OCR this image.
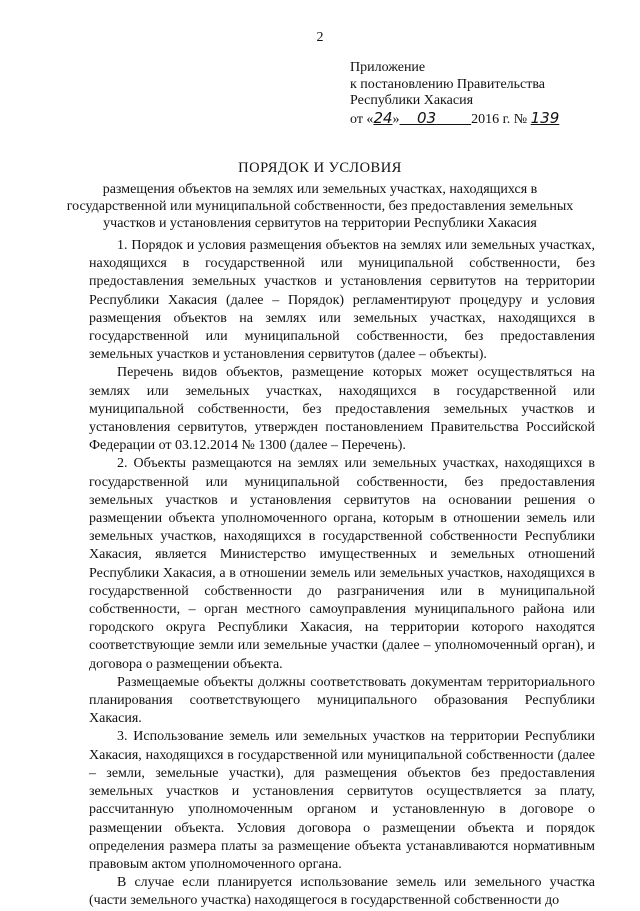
2
Приложение
к постановлению Правительства
Республики Хакасия
от «24» 03	2016 г. № 139
ПОРЯДОК И УСЛОВИЯ
размещения объектов на землях или земельных участках, находящихся в государственной или муниципальной собственности, без предоставления земельных участков и установления сервитутов на территории Республики Хакасия

1. Порядок и условия размещения объектов на землях или земельных участках, находящихся в государственной или муниципальной собственности, без предоставления земельных участков и установления сервитутов на территории Республики Хакасия (далее – Порядок) регламентируют процедуру и условия размещения объектов на землях или земельных участках, находящихся в государственной или муниципальной собственности, без предоставления земельных участков и установления сервитутов (далее – объекты).

Перечень видов объектов, размещение которых может осуществляться на землях или земельных участках, находящихся в государственной или муниципальной собственности, без предоставления земельных участков и установления сервитутов, утвержден постановлением Правительства Российской Федерации от 03.12.2014 № 1300 (далее – Перечень).

2. Объекты размещаются на землях или земельных участках, находящихся в государственной или муниципальной собственности, без предоставления земельных участков и установления сервитутов на основании решения о размещении объекта уполномоченного органа, которым в отношении земель или земельных участков, находящихся в государственной собственности Республики Хакасия, является Министерство имущественных и земельных отношений Республики Хакасия, а в отношении земель или земельных участков, находящихся в государственной собственности до разграничения или в муниципальной собственности, – орган местного самоуправления муниципального района или городского округа Республики Хакасия, на территории которого находятся соответствующие земли или земельные участки (далее – уполномоченный орган), и договора о размещении объекта.

Размещаемые объекты должны соответствовать документам территориального планирования соответствующего муниципального образования Республики Хакасия.

3. Использование земель или земельных участков на территории Республики Хакасия, находящихся в государственной или муниципальной собственности (далее – земли, земельные участки), для размещения объектов без предоставления земельных участков и установления сервитутов осуществляется за плату, рассчитанную уполномоченным органом и установленную в договоре о размещении объекта. Условия договора о размещении объекта и порядок определения размера платы за размещение объекта устанавливаются нормативным правовым актом уполномоченного органа.

В случае если планируется использование земель или земельного участка (части земельного участка) находящегося в государственной собственности до
